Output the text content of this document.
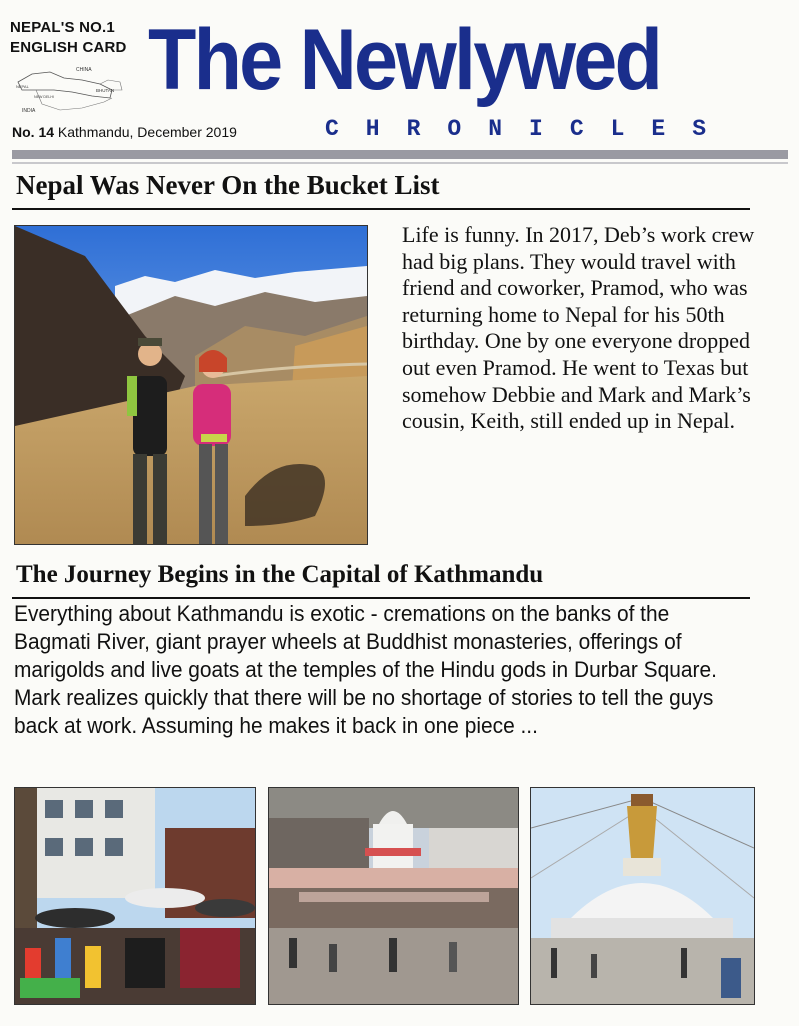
NEPAL'S NO.1
ENGLISH CARD
CHINA
BHUTAN
INDIA
NEPAL
NEW DELHI
No. 14 Kathmandu, December 2019
The Newlywed
CHRONICLES
Nepal Was Never On the Bucket List
Life is funny. In 2017, Deb’s work crew had big plans. They would travel with friend and coworker, Pramod, who was returning home to Nepal for his 50th birthday. One by one everyone dropped out even Pramod. He went to Texas but somehow Debbie and Mark and Mark’s cousin, Keith, still ended up in Nepal.
The Journey Begins in the Capital of Kathmandu
Everything about Kathmandu is exotic - cremations on the banks of the Bagmati River, giant prayer wheels at Buddhist monasteries, offerings of marigolds and live goats at the temples of the Hindu gods in Durbar Square. Mark realizes quickly that there will be no shortage of stories to tell the guys back at work. Assuming he makes it back in one piece ...
